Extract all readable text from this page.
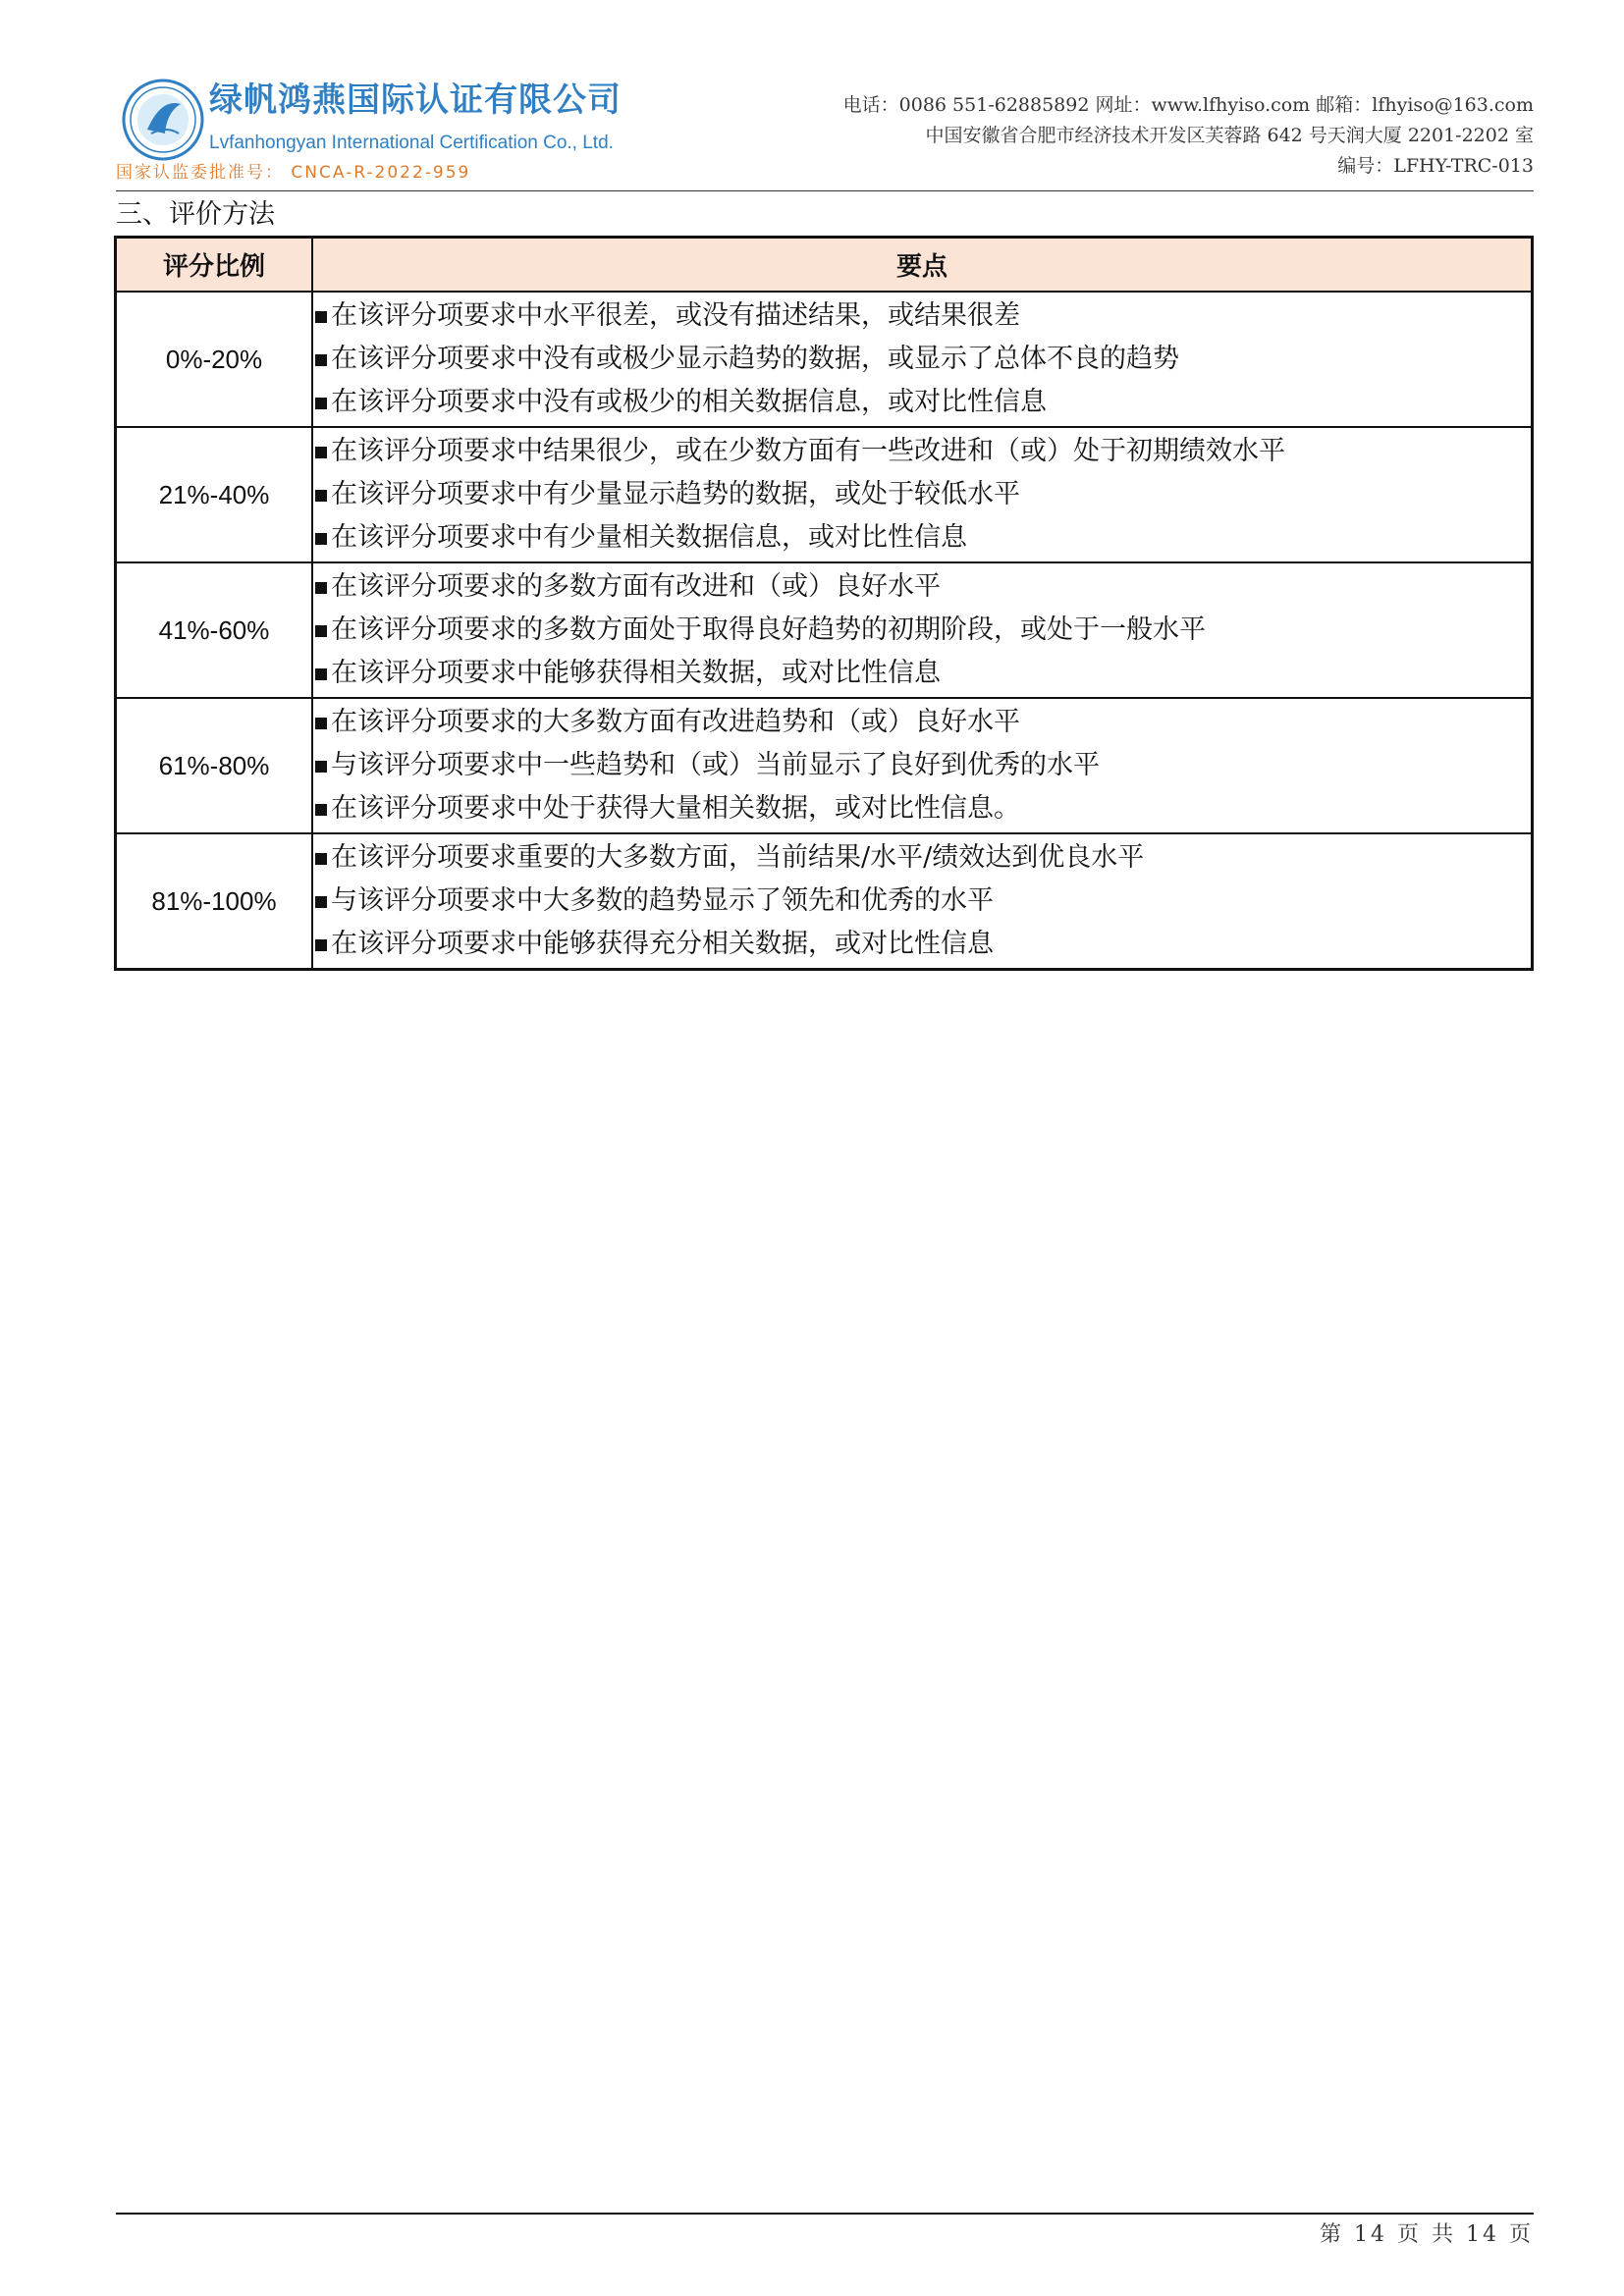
绿帆鸿燕国际认证有限公司
Lvfanhongyan International Certification Co., Ltd.
国家认监委批准号： CNCA-R-2022-959
电话：0086 551-62885892 网址：www.lfhyiso.com 邮箱：lfhyiso@163.com
中国安徽省合肥市经济技术开发区芙蓉路 642 号天润大厦 2201-2202 室
编号：LFHY-TRC-013
三、评价方法
评分比例	要点
0%-20%	在该评分项要求中水平很差，或没有描述结果，或结果很差
在该评分项要求中没有或极少显示趋势的数据，或显示了总体不良的趋势
在该评分项要求中没有或极少的相关数据信息，或对比性信息

21%-40%	在该评分项要求中结果很少，或在少数方面有一些改进和（或）处于初期绩效水平
在该评分项要求中有少量显示趋势的数据，或处于较低水平
在该评分项要求中有少量相关数据信息，或对比性信息

41%-60%	在该评分项要求的多数方面有改进和（或）良好水平
在该评分项要求的多数方面处于取得良好趋势的初期阶段，或处于一般水平
在该评分项要求中能够获得相关数据，或对比性信息

61%-80%	在该评分项要求的大多数方面有改进趋势和（或）良好水平
与该评分项要求中一些趋势和（或）当前显示了良好到优秀的水平
在该评分项要求中处于获得大量相关数据，或对比性信息。

81%-100%	在该评分项要求重要的大多数方面，当前结果/水平/绩效达到优良水平
与该评分项要求中大多数的趋势显示了领先和优秀的水平
在该评分项要求中能够获得充分相关数据，或对比性信息
第 14 页 共 14 页
